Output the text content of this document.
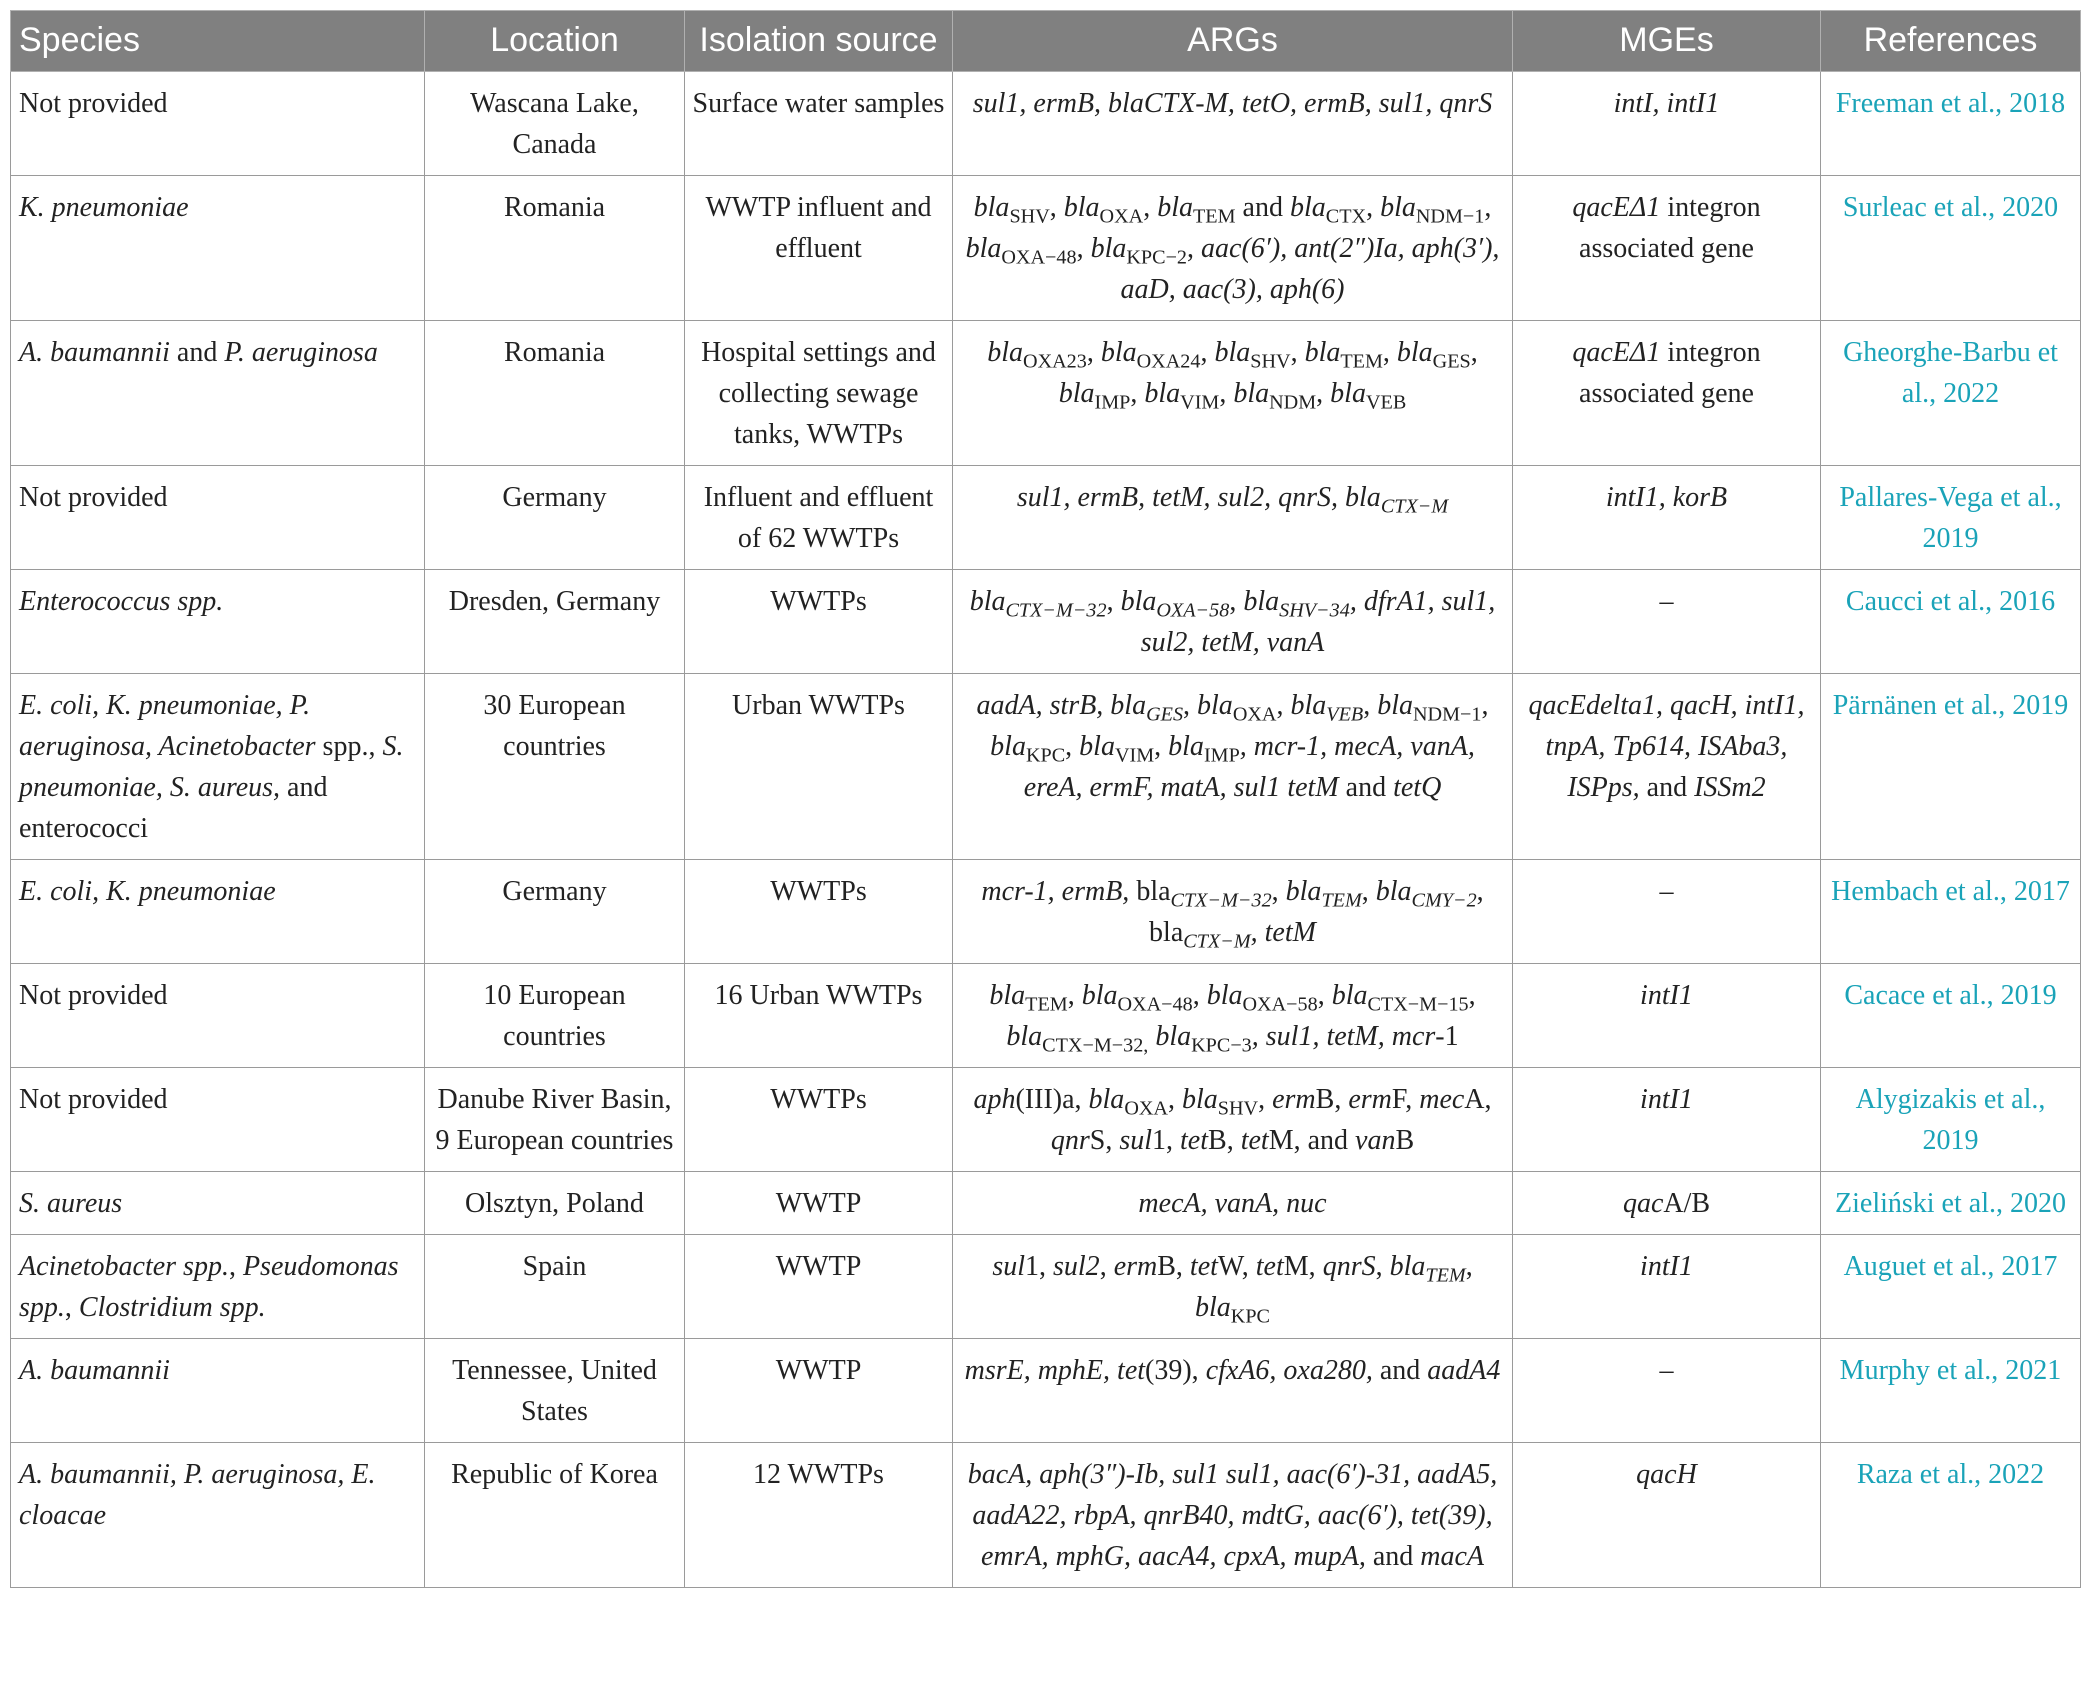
Species	Location	Isolation source	ARGs	MGEs	References
Not provided	Wascana Lake, Canada	Surface water samples	sul1, ermB, blaCTX-M, tetO, ermB, sul1, qnrS	intI, intI1	Freeman et al., 2018
K. pneumoniae	Romania	WWTP influent and effluent	bla$_{SHV}$, bla$_{OXA}$, bla$_{TEM}$ and bla$_{CTX}$, bla$_{NDM-1}$, bla$_{OXA-48}$, bla$_{KPC-2}$, aac(6′), ant(2″)Ia, aph(3′), aaD, aac(3), aph(6)	qacEΔ1 integron associated gene	Surleac et al., 2020
A. baumannii and P. aeruginosa	Romania	Hospital settings and collecting sewage tanks, WWTPs	bla$_{OXA23}$, bla$_{OXA24}$, bla$_{SHV}$, bla$_{TEM}$, bla$_{GES}$, bla$_{IMP}$, bla$_{VIM}$, bla$_{NDM}$, bla$_{VEB}$	qacEΔ1 integron associated gene	Gheorghe-Barbu et al., 2022
Not provided	Germany	Influent and effluent of 62 WWTPs	sul1, ermB, tetM, sul2, qnrS, bla$_{CTX-M}$	intI1, korB	Pallares-Vega et al., 2019
Enterococcus spp.	Dresden, Germany	WWTPs	bla$_{CTX-M-32}$, bla$_{OXA-58}$, bla$_{SHV-34}$, dfrA1, sul1, sul2, tetM, vanA	–	Caucci et al., 2016
E. coli, K. pneumoniae, P. aeruginosa, Acinetobacter spp., S. pneumoniae, S. aureus, and enterococci	30 European countries	Urban WWTPs	aadA, strB, bla$_{GES}$, bla$_{OXA}$, bla$_{VEB}$, bla$_{NDM-1}$, bla$_{KPC}$, bla$_{VIM}$, bla$_{IMP}$, mcr-1, mecA, vanA, ereA, ermF, matA, sul1 tetM and tetQ	qacEdelta1, qacH, intI1, tnpA, Tp614, ISAba3, ISPps, and ISSm2	Pärnänen et al., 2019
E. coli, K. pneumoniae	Germany	WWTPs	mcr-1, ermB, bla$_{CTX-M-32}$, bla$_{TEM}$, bla$_{CMY-2}$, bla$_{CTX-M}$, tetM	–	Hembach et al., 2017
Not provided	10 European countries	16 Urban WWTPs	bla$_{TEM}$, bla$_{OXA-48}$, bla$_{OXA-58}$, bla$_{CTX-M-15}$, bla$_{CTX-M-32,}$ bla$_{KPC-3}$, sul1, tetM, mcr-1	intI1	Cacace et al., 2019
Not provided	Danube River Basin, 9 European countries	WWTPs	aph(III)a, bla$_{OXA}$, bla$_{SHV}$, ermB, ermF, mecA, qnrS, sul1, tetB, tetM, and vanB	intI1	Alygizakis et al., 2019
S. aureus	Olsztyn, Poland	WWTP	mecA, vanA, nuc	qacA/B	Zieliński et al., 2020
Acinetobacter spp., Pseudomonas spp., Clostridium spp.	Spain	WWTP	sul1, sul2, ermB, tetW, tetM, qnrS, bla$_{TEM}$, bla$_{KPC}$	intI1	Auguet et al., 2017
A. baumannii	Tennessee, United States	WWTP	msrE, mphE, tet(39), cfxA6, oxa280, and aadA4	–	Murphy et al., 2021
A. baumannii, P. aeruginosa, E. cloacae	Republic of Korea	12 WWTPs	bacA, aph(3″)-Ib, sul1 sul1, aac(6′)-31, aadA5, aadA22, rbpA, qnrB40, mdtG, aac(6′), tet(39), emrA, mphG, aacA4, cpxA, mupA, and macA	qacH	Raza et al., 2022
